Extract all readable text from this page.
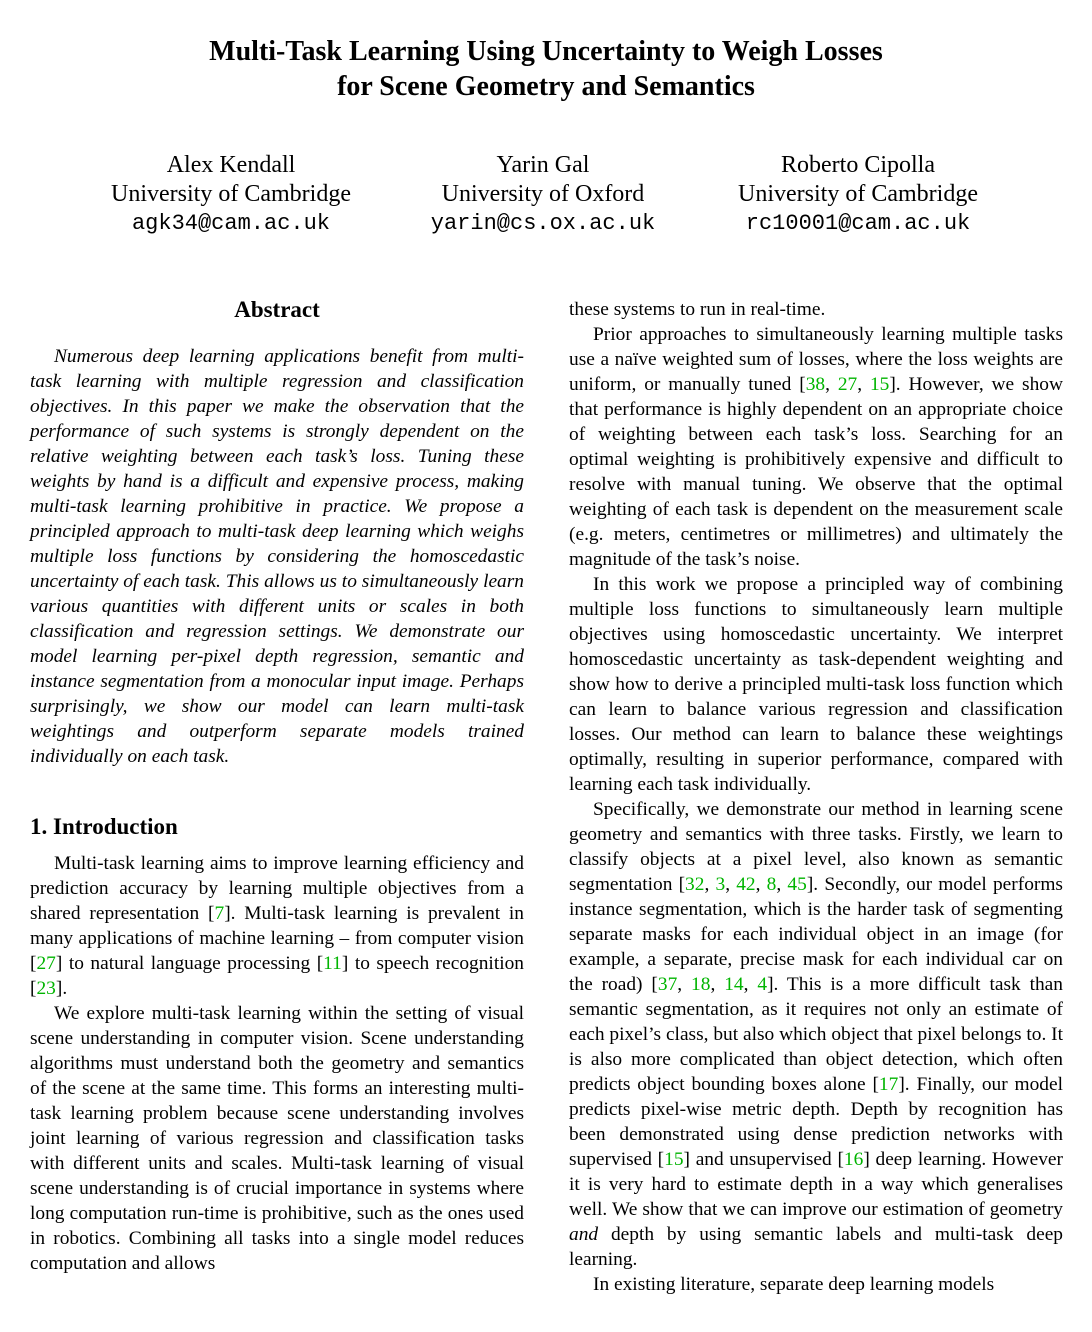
Multi-Task Learning Using Uncertainty to Weigh Losses
for Scene Geometry and Semantics
Alex Kendall
University of Cambridge
agk34@cam.ac.uk
Yarin Gal
University of Oxford
yarin@cs.ox.ac.uk
Roberto Cipolla
University of Cambridge
rc10001@cam.ac.uk
Abstract

Numerous deep learning applications benefit from multi-task learning with multiple regression and classification objectives. In this paper we make the observation that the performance of such systems is strongly dependent on the relative weighting between each task’s loss. Tuning these weights by hand is a difficult and expensive process, making multi-task learning prohibitive in practice. We propose a principled approach to multi-task deep learning which weighs multiple loss functions by considering the homoscedastic uncertainty of each task. This allows us to simultaneously learn various quantities with different units or scales in both classification and regression settings. We demonstrate our model learning per-pixel depth regression, semantic and instance segmentation from a monocular input image. Perhaps surprisingly, we show our model can learn multi-task weightings and outperform separate models trained individually on each task.

1. Introduction

Multi-task learning aims to improve learning efficiency and prediction accuracy by learning multiple objectives from a shared representation [7]. Multi-task learning is prevalent in many applications of machine learning – from computer vision [27] to natural language processing [11] to speech recognition [23].

We explore multi-task learning within the setting of visual scene understanding in computer vision. Scene understanding algorithms must understand both the geometry and semantics of the scene at the same time. This forms an interesting multi-task learning problem because scene understanding involves joint learning of various regression and classification tasks with different units and scales. Multi-task learning of visual scene understanding is of crucial importance in systems where long computation run-time is prohibitive, such as the ones used in robotics. Combining all tasks into a single model reduces computation and allows

these systems to run in real-time.

Prior approaches to simultaneously learning multiple tasks use a naïve weighted sum of losses, where the loss weights are uniform, or manually tuned [38, 27, 15]. However, we show that performance is highly dependent on an appropriate choice of weighting between each task’s loss. Searching for an optimal weighting is prohibitively expensive and difficult to resolve with manual tuning. We observe that the optimal weighting of each task is dependent on the measurement scale (e.g. meters, centimetres or millimetres) and ultimately the magnitude of the task’s noise.

In this work we propose a principled way of combining multiple loss functions to simultaneously learn multiple objectives using homoscedastic uncertainty. We interpret homoscedastic uncertainty as task-dependent weighting and show how to derive a principled multi-task loss function which can learn to balance various regression and classification losses. Our method can learn to balance these weightings optimally, resulting in superior performance, compared with learning each task individually.

Specifically, we demonstrate our method in learning scene geometry and semantics with three tasks. Firstly, we learn to classify objects at a pixel level, also known as semantic segmentation [32, 3, 42, 8, 45]. Secondly, our model performs instance segmentation, which is the harder task of segmenting separate masks for each individual object in an image (for example, a separate, precise mask for each individual car on the road) [37, 18, 14, 4]. This is a more difficult task than semantic segmentation, as it requires not only an estimate of each pixel’s class, but also which object that pixel belongs to. It is also more complicated than object detection, which often predicts object bounding boxes alone [17]. Finally, our model predicts pixel-wise metric depth. Depth by recognition has been demonstrated using dense prediction networks with supervised [15] and unsupervised [16] deep learning. However it is very hard to estimate depth in a way which generalises well. We show that we can improve our estimation of geometry and depth by using semantic labels and multi-task deep learning.

In existing literature, separate deep learning models
